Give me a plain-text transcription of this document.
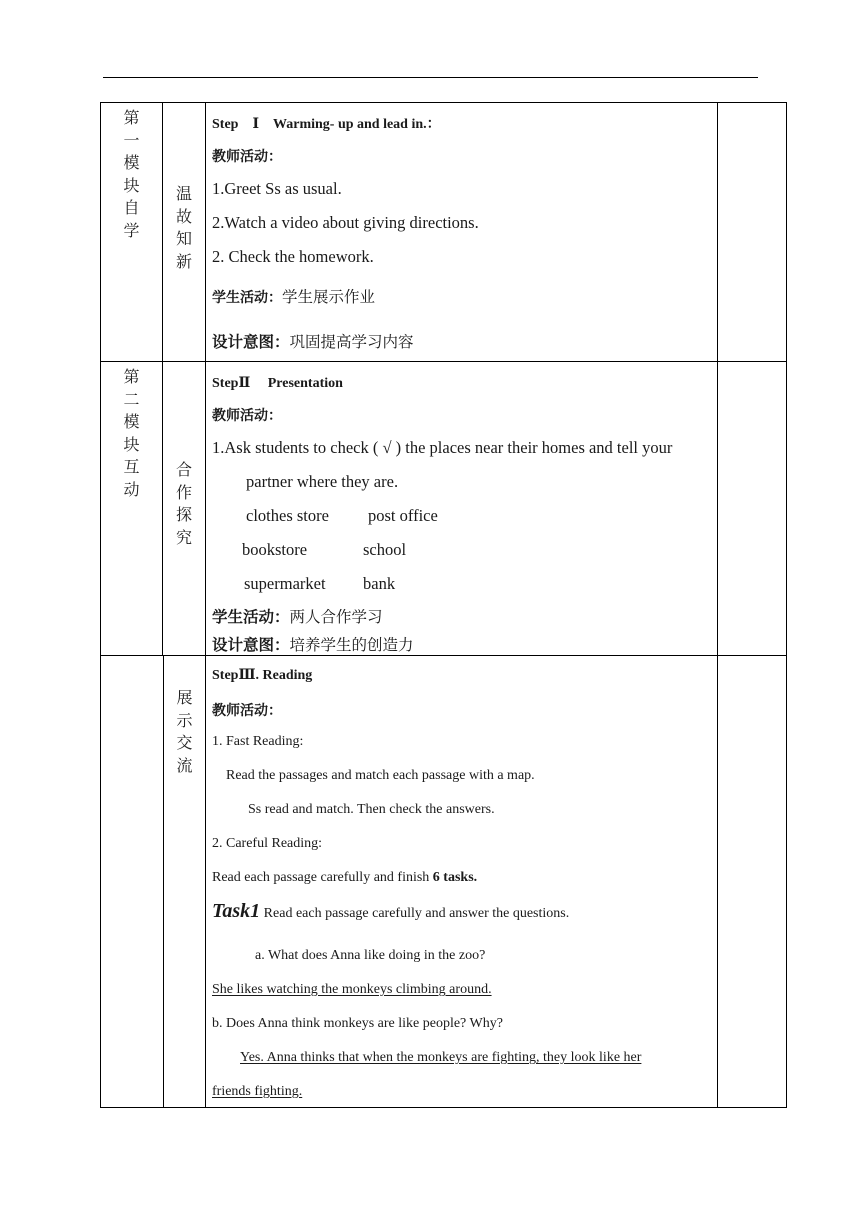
第
一
模
块
自
学
温
故
知
新
Step　Ⅰ　Warming- up and lead in.：
教师活动：
1.Greet Ss as usual.
2.Watch a video about giving directions.
2. Check the homework.
学生活动：学生展示作业
设计意图：巩固提高学习内容
第
二
模
块
互
动
合
作
探
究
StepⅡ　 Presentation
教师活动：
1.Ask students to check ( √ ) the places near their homes and tell your
partner where they are.
clothes store post office
bookstore	school
supermarket bank
学生活动：两人合作学习
设计意图：培养学生的创造力
展
示
交
流
StepⅢ. Reading
教师活动：
1. Fast Reading:
Read the passages and match each passage with a map.
Ss read and match. Then check the answers.
2. Careful Reading:
Read each passage carefully and finish 6 tasks.
Task1 Read each passage carefully and answer the questions.
a. What does Anna like doing in the zoo?
She likes watching the monkeys climbing around.
b. Does Anna think monkeys are like people? Why?
Yes. Anna thinks that when the monkeys are fighting, they look like her
friends fighting.
